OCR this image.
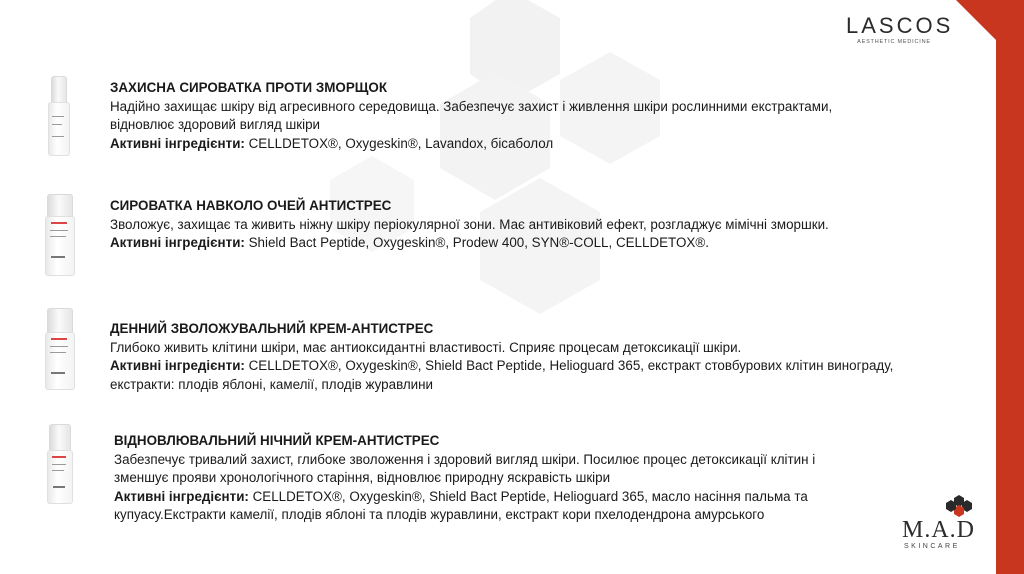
LASCOS
AESTHETIC MEDICINE
ЗАХИСНА СИРОВАТКА ПРОТИ ЗМОРЩОК
Надійно захищає шкіру від агресивного середовища. Забезпечує захист і живлення шкіри рослинними екстрактами,
відновлює здоровий вигляд шкіри
Активні інгредієнти: CELLDETOX®, Oxygeskin®, Lavandox, бісаболол
СИРОВАТКА НАВКОЛО ОЧЕЙ АНТИСТРЕС
Зволожує, захищає та живить ніжну шкіру періокулярної зони. Має антивіковий ефект, розгладжує мімічні зморшки.
Активні інгредієнти: Shield Bact Peptide, Oxygeskin®, Prodew 400, SYN®-COLL, CELLDETOX®.
ДЕННИЙ ЗВОЛОЖУВАЛЬНИЙ КРЕМ-АНТИСТРЕС
Глибоко живить клітини шкіри, має антиоксидантні властивості. Сприяє процесам детоксикації шкіри.
Активні інгредієнти: CELLDETOX®, Oxygeskin®, Shield Bact Peptide, Helioguard 365, екстракт стовбурових клітин винограду,
екстракти: плодів яблоні, камелії, плодів журавлини
ВІДНОВЛЮВАЛЬНИЙ НІЧНИЙ КРЕМ-АНТИСТРЕС
Забезпечує тривалий захист, глибоке зволоження і здоровий вигляд шкіри. Посилює процес детоксикації клітин і
зменшує прояви хронологічного старіння, відновлює природну яскравість шкіри
Активні інгредієнти: CELLDETOX®, Oxygeskin®, Shield Bact Peptide, Helioguard 365, масло насіння пальма та
купуасу.Екстракти камелії, плодів яблоні та плодів журавлини, екстракт кори пхелодендрона амурського
M.A.D
SKINCARE
